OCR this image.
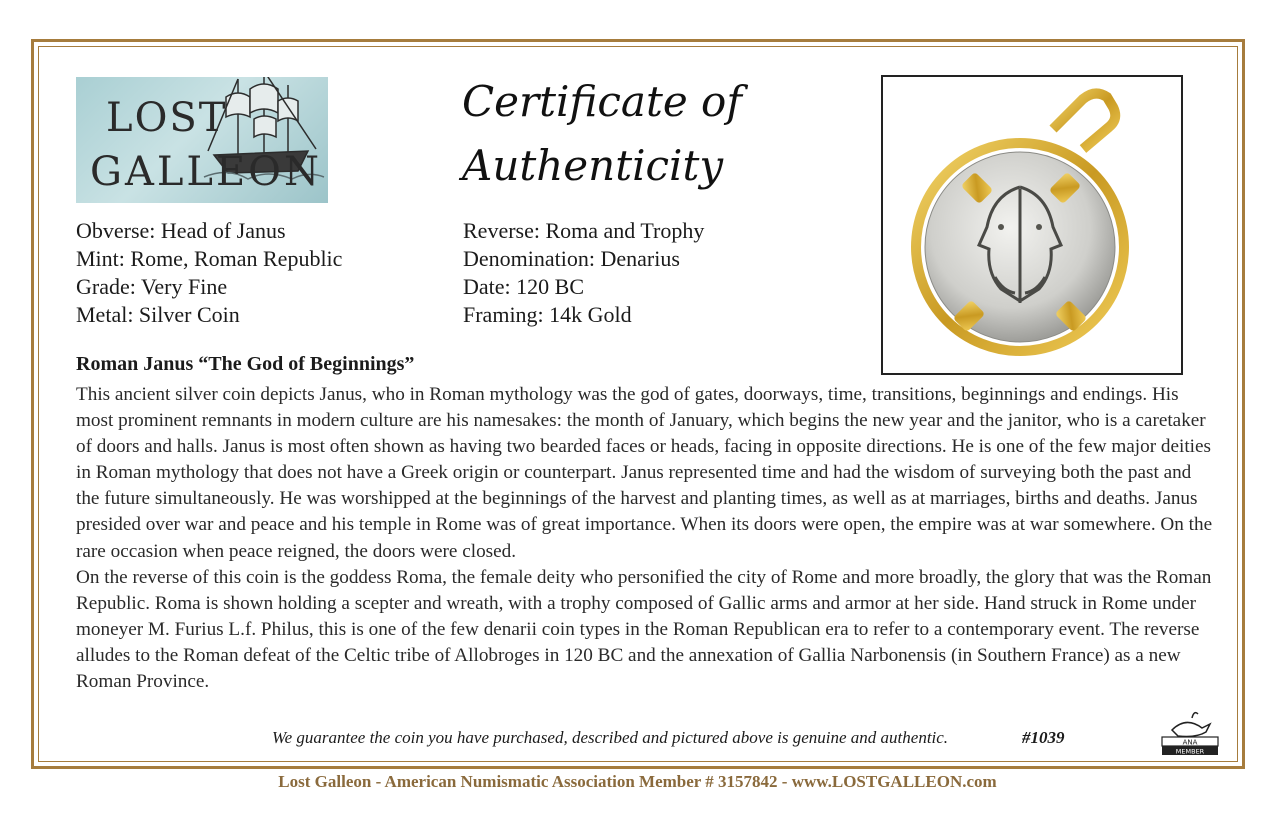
LOST
GALLEON
Certificate of
Authenticity
Obverse: Head of Janus
Mint: Rome, Roman Republic
Grade: Very Fine
Metal: Silver Coin
Reverse: Roma and Trophy
Denomination: Denarius
Date: 120 BC
Framing: 14k Gold
Roman Janus “The God of Beginnings”

This ancient silver coin depicts Janus, who in Roman mythology was the god of gates, doorways, time, transitions, beginnings and endings. His most prominent remnants in modern culture are his namesakes: the month of January, which begins the new year and the janitor, who is a caretaker of doors and halls. Janus is most often shown as having two bearded faces or heads, facing in opposite directions. He is one of the few major deities in Roman mythology that does not have a Greek origin or counterpart. Janus represented time and had the wisdom of surveying both the past and the future simultaneously. He was worshipped at the beginnings of the harvest and planting times, as well as at marriages, births and deaths. Janus presided over war and peace and his temple in Rome was of great importance. When its doors were open, the empire was at war somewhere. On the rare occasion when peace reigned, the doors were closed.

On the reverse of this coin is the goddess Roma, the female deity who personified the city of Rome and more broadly, the glory that was the Roman Republic. Roma is shown holding a scepter and wreath, with a trophy composed of Gallic arms and armor at her side. Hand struck in Rome under moneyer M. Furius L.f. Philus, this is one of the few denarii coin types in the Roman Republican era to refer to a contemporary event. The reverse alludes to the Roman defeat of the Celtic tribe of Allobroges in 120 BC and the annexation of Gallia Narbonensis (in Southern France) as a new Roman Province.

We guarantee the coin you have purchased, described and pictured above is genuine and authentic.	#1039	ANA
MEMBER
Lost Galleon - American Numismatic Association Member # 3157842 - www.LOSTGALLEON.com
